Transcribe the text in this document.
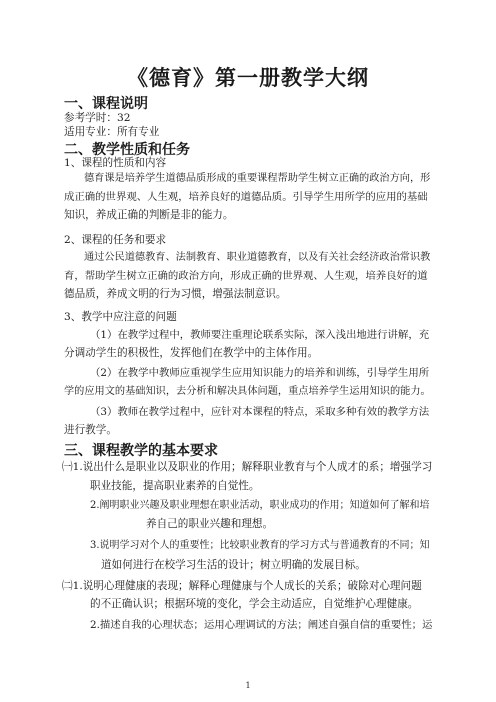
《德育》第一册教学大纲
一、课程说明
参考学时：32
适用专业：所有专业
二、教学性质和任务
1、课程的性质和内容
德育课是培养学生道德品质形成的重要课程帮助学生树立正确的政治方向，形
成正确的世界观、人生观，培养良好的道德品质。引导学生用所学的应用的基础
知识，养成正确的判断是非的能力。
2、课程的任务和要求
通过公民道德教育、法制教育、职业道德教育，以及有关社会经济政治常识教
育，帮助学生树立正确的政治方向，形成正确的世界观、人生观，培养良好的道
德品质，养成文明的行为习惯，增强法制意识。
3、教学中应注意的问题
（1）在教学过程中，教师要注重理论联系实际，深入浅出地进行讲解，充
分调动学生的积极性，发挥他们在教学中的主体作用。
（2）在教学中教师应重视学生应用知识能力的培养和训练，引导学生用所
学的应用文的基础知识，去分析和解决具体问题，重点培养学生运用知识的能力。
（3）教师在教学过程中，应针对本课程的特点，采取多种有效的教学方法
进行教学。
三、课程教学的基本要求
㈠1.说出什么是职业以及职业的作用；解释职业教育与个人成才的系；增强学习
职业技能，提高职业素养的自觉性。
2.阐明职业兴趣及职业理想在职业活动，职业成功的作用；知道如何了解和培
养自己的职业兴趣和理想。
3.说明学习对个人的重要性；比较职业教育的学习方式与普通教育的不同；知
道如何进行在校学习生活的设计；树立明确的发展目标。
㈡1.说明心理健康的表现；解释心理健康与个人成长的关系；破除对心理问题
的不正确认识；根据环境的变化，学会主动适应，自觉维护心理健康。
2.描述自我的心理状态；运用心理调试的方法；阐述自强自信的重要性；运
1
